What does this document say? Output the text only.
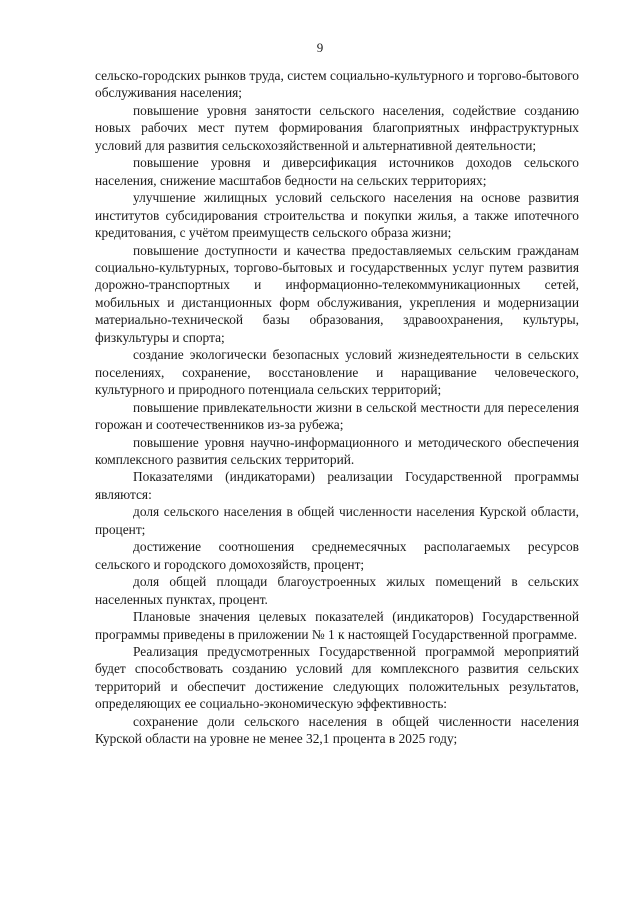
9

сельско-городских рынков труда, систем социально-культурного и торгово-бытового обслуживания населения;

повышение уровня занятости сельского населения, содействие созданию новых рабочих мест путем формирования благоприятных инфраструктурных условий для развития сельскохозяйственной и альтернативной деятельности;

повышение уровня и диверсификация источников доходов сельского населения, снижение масштабов бедности на сельских территориях;

улучшение жилищных условий сельского населения на основе развития институтов субсидирования строительства и покупки жилья, а также ипотечного кредитования, с учётом преимуществ сельского образа жизни;

повышение доступности и качества предоставляемых сельским гражданам социально-культурных, торгово-бытовых и государственных услуг путем развития дорожно-транспортных и информационно-телекоммуникационных сетей, мобильных и дистанционных форм обслуживания, укрепления и модернизации материально-технической базы образования, здравоохранения, культуры, физкультуры и спорта;

создание экологически безопасных условий жизнедеятельности в сельских поселениях, сохранение, восстановление и наращивание человеческого, культурного и природного потенциала сельских территорий;

повышение привлекательности жизни в сельской местности для переселения горожан и соотечественников из-за рубежа;

повышение уровня научно-информационного и методического обеспечения комплексного развития сельских территорий.

Показателями (индикаторами) реализации Государственной программы являются:

доля сельского населения в общей численности населения Курской области, процент;

достижение соотношения среднемесячных располагаемых ресурсов сельского и городского домохозяйств, процент;

доля общей площади благоустроенных жилых помещений в сельских населенных пунктах, процент.

Плановые значения целевых показателей (индикаторов) Государственной программы приведены в приложении № 1 к настоящей Государственной программе.

Реализация предусмотренных Государственной программой мероприятий будет способствовать созданию условий для комплексного развития сельских территорий и обеспечит достижение следующих положительных результатов, определяющих ее социально-экономическую эффективность:

сохранение доли сельского населения в общей численности населения Курской области на уровне не менее 32,1 процента в 2025 году;
